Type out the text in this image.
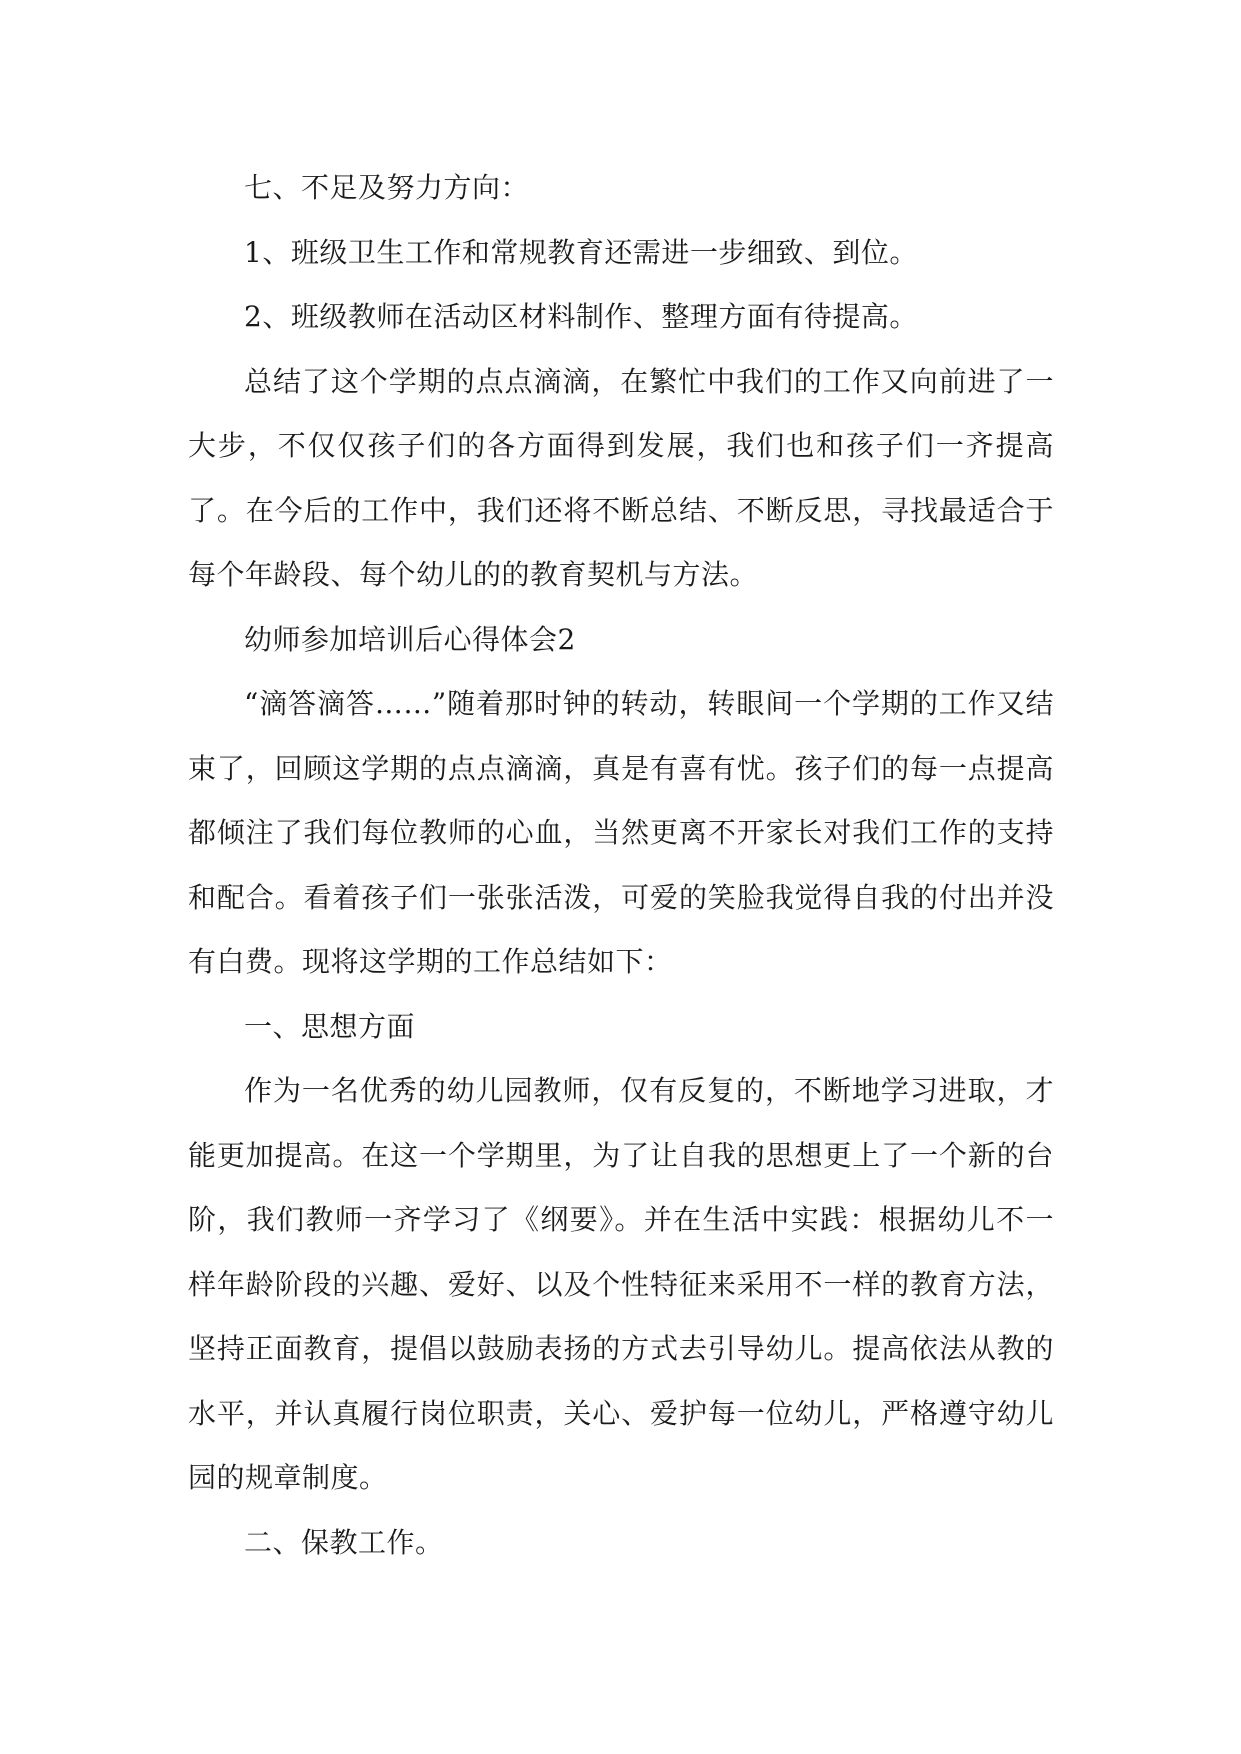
七、不足及努力方向：

1、班级卫生工作和常规教育还需进一步细致、到位。

2、班级教师在活动区材料制作、整理方面有待提高。

总结了这个学期的点点滴滴，在繁忙中我们的工作又向前进了一大步，不仅仅孩子们的各方面得到发展，我们也和孩子们一齐提高了。在今后的工作中，我们还将不断总结、不断反思，寻找最适合于每个年龄段、每个幼儿的的教育契机与方法。

幼师参加培训后心得体会2

“滴答滴答……”随着那时钟的转动，转眼间一个学期的工作又结束了，回顾这学期的点点滴滴，真是有喜有忧。孩子们的每一点提高都倾注了我们每位教师的心血，当然更离不开家长对我们工作的支持和配合。看着孩子们一张张活泼，可爱的笑脸我觉得自我的付出并没有白费。现将这学期的工作总结如下：

一、思想方面

作为一名优秀的幼儿园教师，仅有反复的，不断地学习进取，才能更加提高。在这一个学期里，为了让自我的思想更上了一个新的台阶，我们教师一齐学习了《纲要》。并在生活中实践：根据幼儿不一样年龄阶段的兴趣、爱好、以及个性特征来采用不一样的教育方法，坚持正面教育，提倡以鼓励表扬的方式去引导幼儿。提高依法从教的水平，并认真履行岗位职责，关心、爱护每一位幼儿，严格遵守幼儿园的规章制度。

二、保教工作。
